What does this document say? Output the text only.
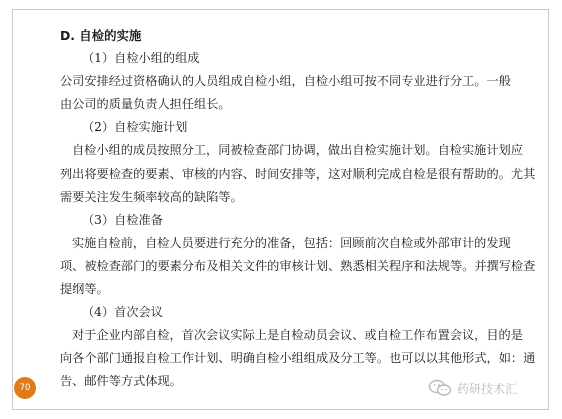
D. 自检的实施

（1）自检小组的组成

公司安排经过资格确认的人员组成自检小组，自检小组可按不同专业进行分工。一般

由公司的质量负责人担任组长。

（2）自检实施计划

自检小组的成员按照分工，同被检查部门协调，做出自检实施计划。自检实施计划应

列出将要检查的要素、审核的内容、时间安排等，这对顺利完成自检是很有帮助的。尤其

需要关注发生频率较高的缺陷等。

（3）自检准备

实施自检前，自检人员要进行充分的准备，包括：回顾前次自检或外部审计的发现

项、被检查部门的要素分布及相关文件的审核计划、熟悉相关程序和法规等。并撰写检查

提纲等。

（4）首次会议

对于企业内部自检，首次会议实际上是自检动员会议、或自检工作布置会议，目的是

向各个部门通报自检工作计划、明确自检小组组成及分工等。也可以以其他形式，如：通

告、邮件等方式体现。

70	药研技术汇
